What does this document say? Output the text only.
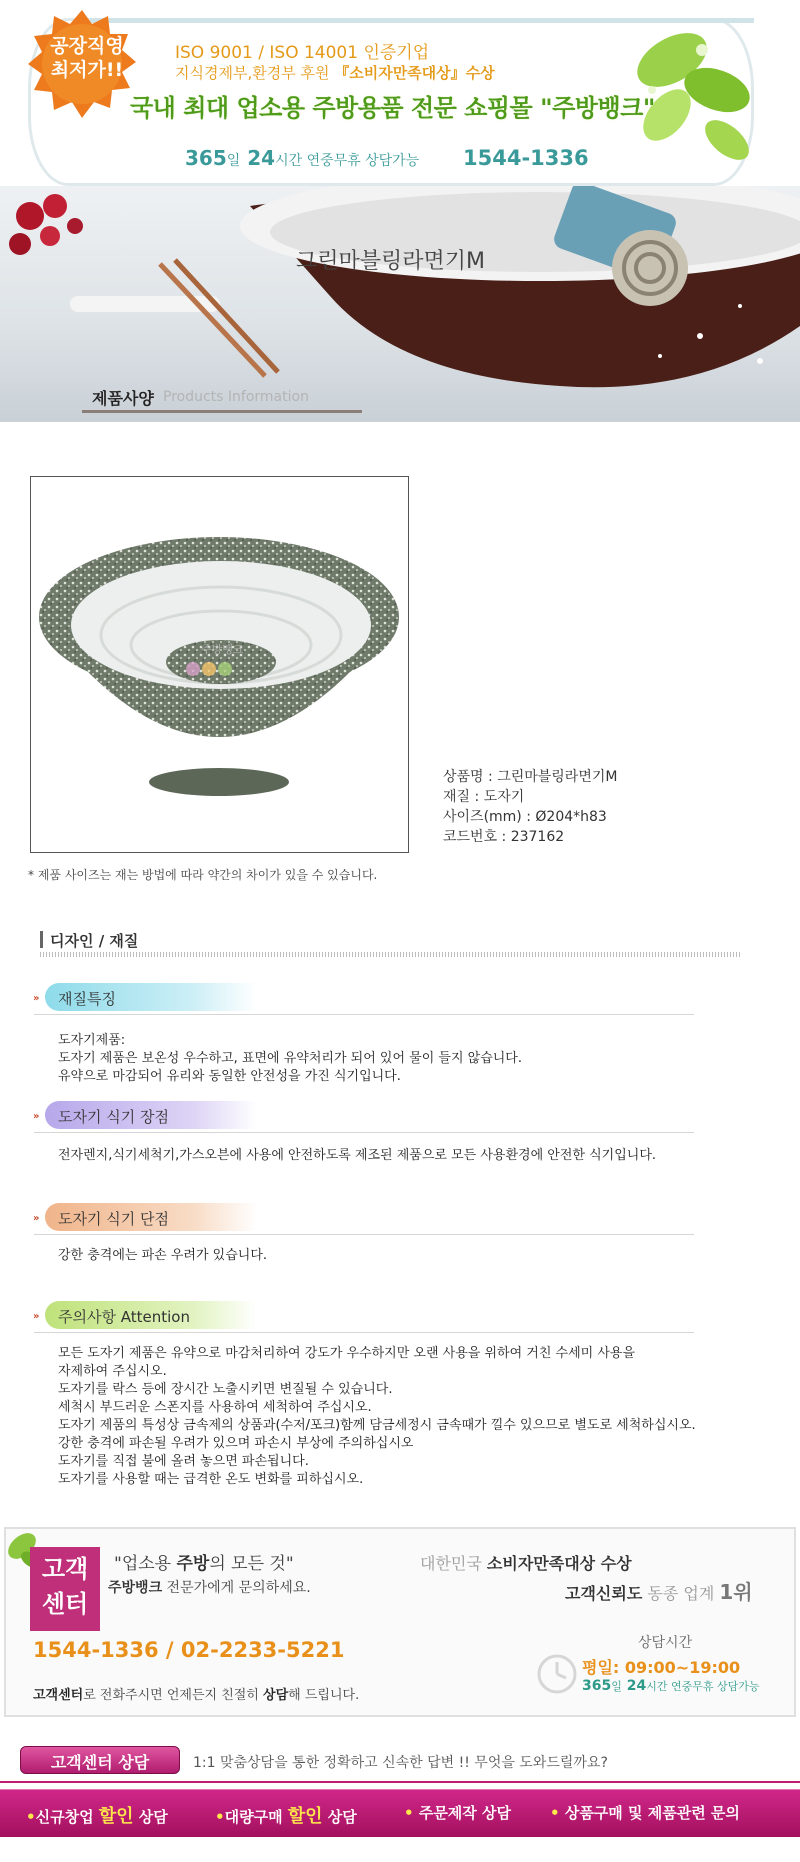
공장직영
최저가!!
ISO 9001 / ISO 14001 인증기업
지식경제부,환경부 후원 『소비자만족대상』수상
국내 최대 업소용 주방용품 전문 쇼핑몰 "주방뱅크"
365일 24시간 연중무휴 상담가능 1544-1336
그린마블링라면기M
제품사양 Products Information
주방뱅크
상품명 : 그린마블링라면기M
재질 : 도자기
사이즈(mm) : Ø204*h83
코드번호 : 237162
* 제품 사이즈는 재는 방법에 따라 약간의 차이가 있을 수 있습니다.
디자인 / 재질
» 재질특징
도자기제품:
도자기 제품은 보온성 우수하고, 표면에 유약처리가 되어 있어 물이 들지 않습니다.
유약으로 마감되어 유리와 동일한 안전성을 가진 식기입니다.
» 도자기 식기 장점
전자렌지,식기세척기,가스오븐에 사용에 안전하도록 제조된 제품으로 모든 사용환경에 안전한 식기입니다.
» 도자기 식기 단점
강한 충격에는 파손 우려가 있습니다.
» 주의사항 Attention
모든 도자기 제품은 유약으로 마감처리하여 강도가 우수하지만 오랜 사용을 위하여 거친 수세미 사용을
자제하여 주십시오.
도자기를 락스 등에 장시간 노출시키면 변질될 수 있습니다.
세척시 부드러운 스폰지를 사용하여 세척하여 주십시오.
도자기 제품의 특성상 금속제의 상품과(수저/포크)함께 담금세정시 금속때가 낄수 있으므로 별도로 세척하십시오.
강한 충격에 파손될 우려가 있으며 파손시 부상에 주의하십시오
도자기를 직접 불에 올려 놓으면 파손됩니다.
도자기를 사용할 때는 급격한 온도 변화를 피하십시오.
고객
센터
"업소용 주방의 모든 것"
주방뱅크 전문가에게 문의하세요.
대한민국 소비자만족대상 수상
고객신뢰도 동종 업계 1위
1544-1336 / 02-2233-5221
고객센터로 전화주시면 언제든지 친절히 상담해 드립니다.
상담시간
평일: 09:00~19:00
365일 24시간 연중무휴 상담가능
고객센터 상담	1:1 맞춤상담을 통한 정확하고 신속한 답변 !! 무엇을 도와드릴까요?
•신규창업 할인 상담	•대량구매 할인 상담	• 주문제작 상담	• 상품구매 및 제품관련 문의
